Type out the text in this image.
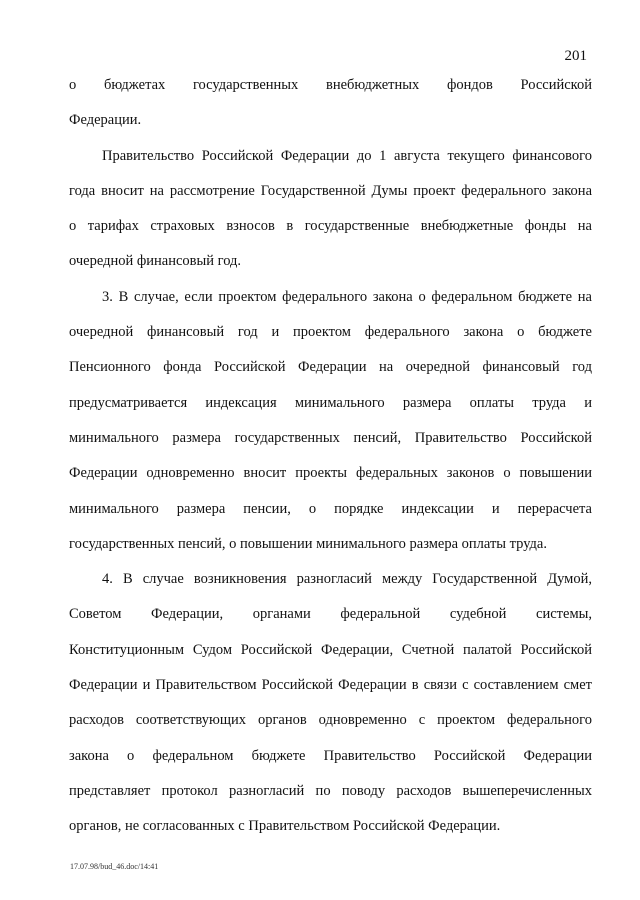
201
о бюджетах государственных внебюджетных фондов Российской
Федерации.
Правительство Российской Федерации до 1 августа текущего финансового
года вносит на рассмотрение Государственной Думы проект федерального закона
о тарифах страховых взносов в государственные внебюджетные фонды на
очередной финансовый год.
3. В случае, если проектом федерального закона о федеральном бюджете на
очередной финансовый год и проектом федерального закона о бюджете
Пенсионного фонда Российской Федерации на очередной финансовый год
предусматривается индексация минимального размера оплаты труда и
минимального размера государственных пенсий, Правительство Российской
Федерации одновременно вносит проекты федеральных законов о повышении
минимального размера пенсии, о порядке индексации и перерасчета
государственных пенсий, о повышении минимального размера оплаты труда.
4. В случае возникновения разногласий между Государственной Думой,
Советом Федерации, органами федеральной судебной системы,
Конституционным Судом Российской Федерации, Счетной палатой Российской
Федерации и Правительством Российской Федерации в связи с составлением смет
расходов соответствующих органов одновременно с проектом федерального
закона о федеральном бюджете Правительство Российской Федерации
представляет протокол разногласий по поводу расходов вышеперечисленных
органов, не согласованных с Правительством Российской Федерации.
17.07.98/bud_46.doc/14:41
